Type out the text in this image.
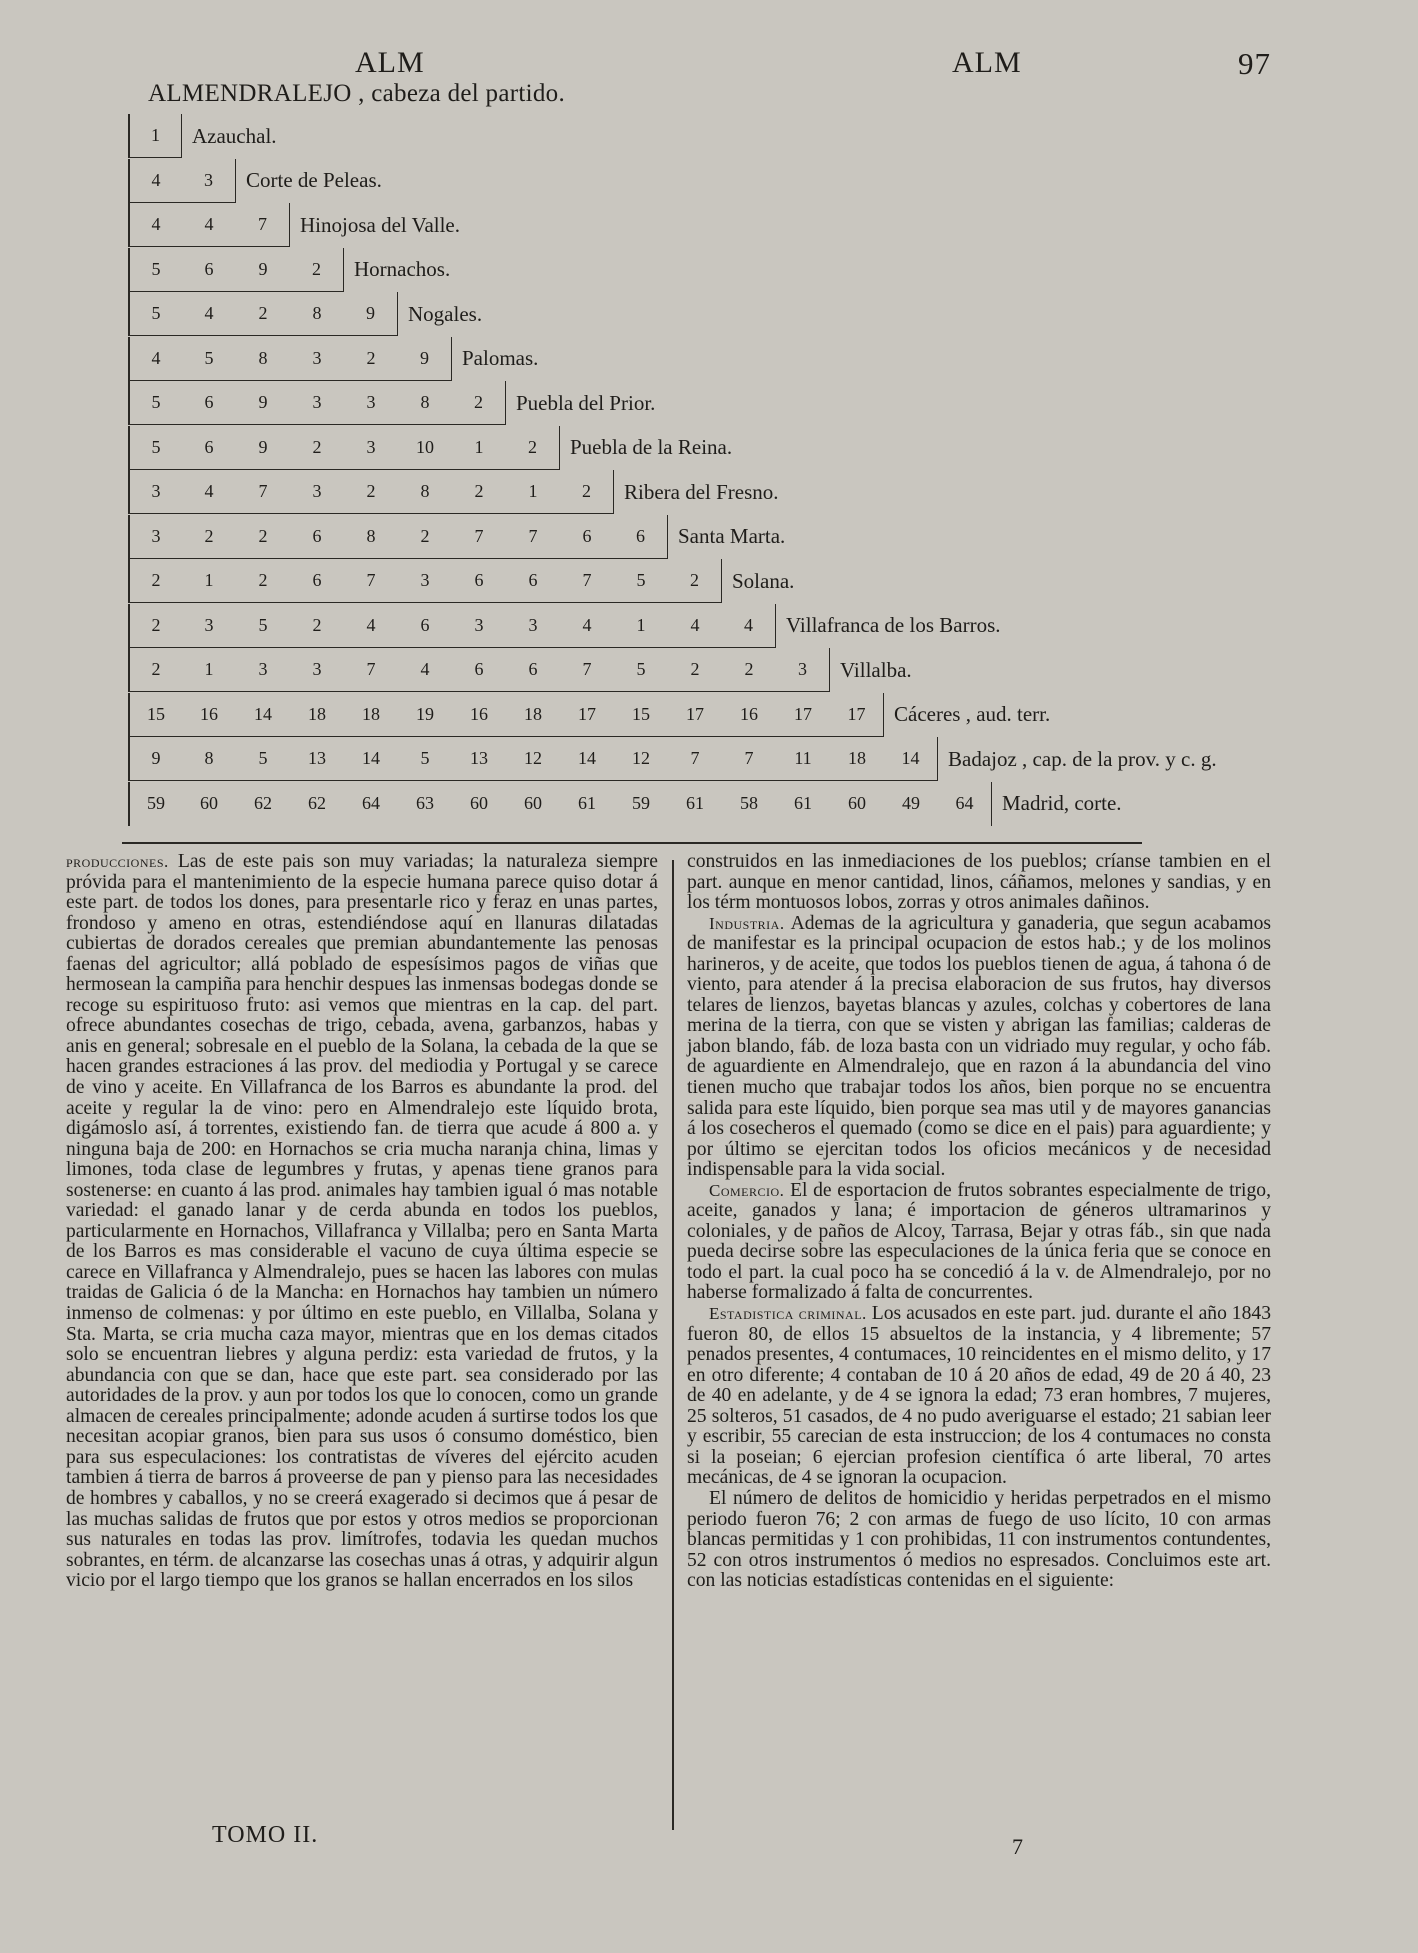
ALM	ALM	97
ALMENDRALEJO , cabeza del partido.
1	Azauchal.
4	3	Corte de Peleas.
4	4	7	Hinojosa del Valle.
5	6	9	2	Hornachos.
5	4	2	8	9	Nogales.
4	5	8	3	2	9	Palomas.
5	6	9	3	3	8	2	Puebla del Prior.
5	6	9	2	3	10	1	2	Puebla de la Reina.
3	4	7	3	2	8	2	1	2	Ribera del Fresno.
3	2	2	6	8	2	7	7	6	6	Santa Marta.
2	1	2	6	7	3	6	6	7	5	2	Solana.
2	3	5	2	4	6	3	3	4	1	4	4	Villafranca de los Barros.
2	1	3	3	7	4	6	6	7	5	2	2	3	Villalba.
15	16	14	18	18	19	16	18	17	15	17	16	17	17	Cáceres , aud. terr.
9	8	5	13	14	5	13	12	14	12	7	7	11	18	14	Badajoz , cap. de la prov. y c. g.
59	60	62	62	64	63	60	60	61	59	61	58	61	60	49	64	Madrid, corte.

producciones. Las de este pais son muy variadas; la naturaleza siempre próvida para el mantenimiento de la especie humana parece quiso dotar á este part. de todos los dones, para presentarle rico y feraz en unas partes, frondoso y ameno en otras, estendiéndose aquí en llanuras dilatadas cubiertas de dorados cereales que premian abundantemente las penosas faenas del agricultor; allá poblado de espesísimos pagos de viñas que hermosean la campiña para henchir despues las inmensas bodegas donde se recoge su espirituoso fruto: asi vemos que mientras en la cap. del part. ofrece abundantes cosechas de trigo, cebada, avena, garbanzos, habas y anis en general; sobresale en el pueblo de la Solana, la cebada de la que se hacen grandes estraciones á las prov. del mediodia y Portugal y se carece de vino y aceite. En Villafranca de los Barros es abundante la prod. del aceite y regular la de vino: pero en Almendralejo este líquido brota, digámoslo así, á torrentes, existiendo fan. de tierra que acude á 800 a. y ninguna baja de 200: en Hornachos se cria mucha naranja china, limas y limones, toda clase de legumbres y frutas, y apenas tiene granos para sostenerse: en cuanto á las prod. animales hay tambien igual ó mas notable variedad: el ganado lanar y de cerda abunda en todos los pueblos, particularmente en Hornachos, Villafranca y Villalba; pero en Santa Marta de los Barros es mas considerable el vacuno de cuya última especie se carece en Villafranca y Almendralejo, pues se hacen las labores con mulas traidas de Galicia ó de la Mancha: en Hornachos hay tambien un número inmenso de colmenas: y por último en este pueblo, en Villalba, Solana y Sta. Marta, se cria mucha caza mayor, mientras que en los demas citados solo se encuentran liebres y alguna perdiz: esta variedad de frutos, y la abundancia con que se dan, hace que este part. sea considerado por las autoridades de la prov. y aun por todos los que lo conocen, como un grande almacen de cereales principalmente; adonde acuden á surtirse todos los que necesitan acopiar granos, bien para sus usos ó consumo doméstico, bien para sus especulaciones: los contratistas de víveres del ejército acuden tambien á tierra de barros á proveerse de pan y pienso para las necesidades de hombres y caballos, y no se creerá exagerado si decimos que á pesar de las muchas salidas de frutos que por estos y otros medios se proporcionan sus naturales en todas las prov. limítrofes, todavia les quedan muchos sobrantes, en térm. de alcanzarse las cosechas unas á otras, y adquirir algun vicio por el largo tiempo que los granos se hallan encerrados en los silos

construidos en las inmediaciones de los pueblos; críanse tambien en el part. aunque en menor cantidad, linos, cáñamos, melones y sandias, y en los térm montuosos lobos, zorras y otros animales dañinos.

Industria. Ademas de la agricultura y ganaderia, que segun acabamos de manifestar es la principal ocupacion de estos hab.; y de los molinos harineros, y de aceite, que todos los pueblos tienen de agua, á tahona ó de viento, para atender á la precisa elaboracion de sus frutos, hay diversos telares de lienzos, bayetas blancas y azules, colchas y cobertores de lana merina de la tierra, con que se visten y abrigan las familias; calderas de jabon blando, fáb. de loza basta con un vidriado muy regular, y ocho fáb. de aguardiente en Almendralejo, que en razon á la abundancia del vino tienen mucho que trabajar todos los años, bien porque no se encuentra salida para este líquido, bien porque sea mas util y de mayores ganancias á los cosecheros el quemado (como se dice en el pais) para aguardiente; y por último se ejercitan todos los oficios mecánicos y de necesidad indispensable para la vida social.

Comercio. El de esportacion de frutos sobrantes especialmente de trigo, aceite, ganados y lana; é importacion de géneros ultramarinos y coloniales, y de paños de Alcoy, Tarrasa, Bejar y otras fáb., sin que nada pueda decirse sobre las especulaciones de la única feria que se conoce en todo el part. la cual poco ha se concedió á la v. de Almendralejo, por no haberse formalizado á falta de concurrentes.

Estadistica criminal. Los acusados en este part. jud. durante el año 1843 fueron 80, de ellos 15 absueltos de la instancia, y 4 libremente; 57 penados presentes, 4 contumaces, 10 reincidentes en el mismo delito, y 17 en otro diferente; 4 contaban de 10 á 20 años de edad, 49 de 20 á 40, 23 de 40 en adelante, y de 4 se ignora la edad; 73 eran hombres, 7 mujeres, 25 solteros, 51 casados, de 4 no pudo averiguarse el estado; 21 sabian leer y escribir, 55 carecian de esta instruccion; de los 4 contumaces no consta si la poseian; 6 ejercian profesion científica ó arte liberal, 70 artes mecánicas, de 4 se ignoran la ocupacion.

El número de delitos de homicidio y heridas perpetrados en el mismo periodo fueron 76; 2 con armas de fuego de uso lícito, 10 con armas blancas permitidas y 1 con prohibidas, 11 con instrumentos contundentes, 52 con otros instrumentos ó medios no espresados. Concluimos este art. con las noticias estadísticas contenidas en el siguiente:

TOMO II.	7
